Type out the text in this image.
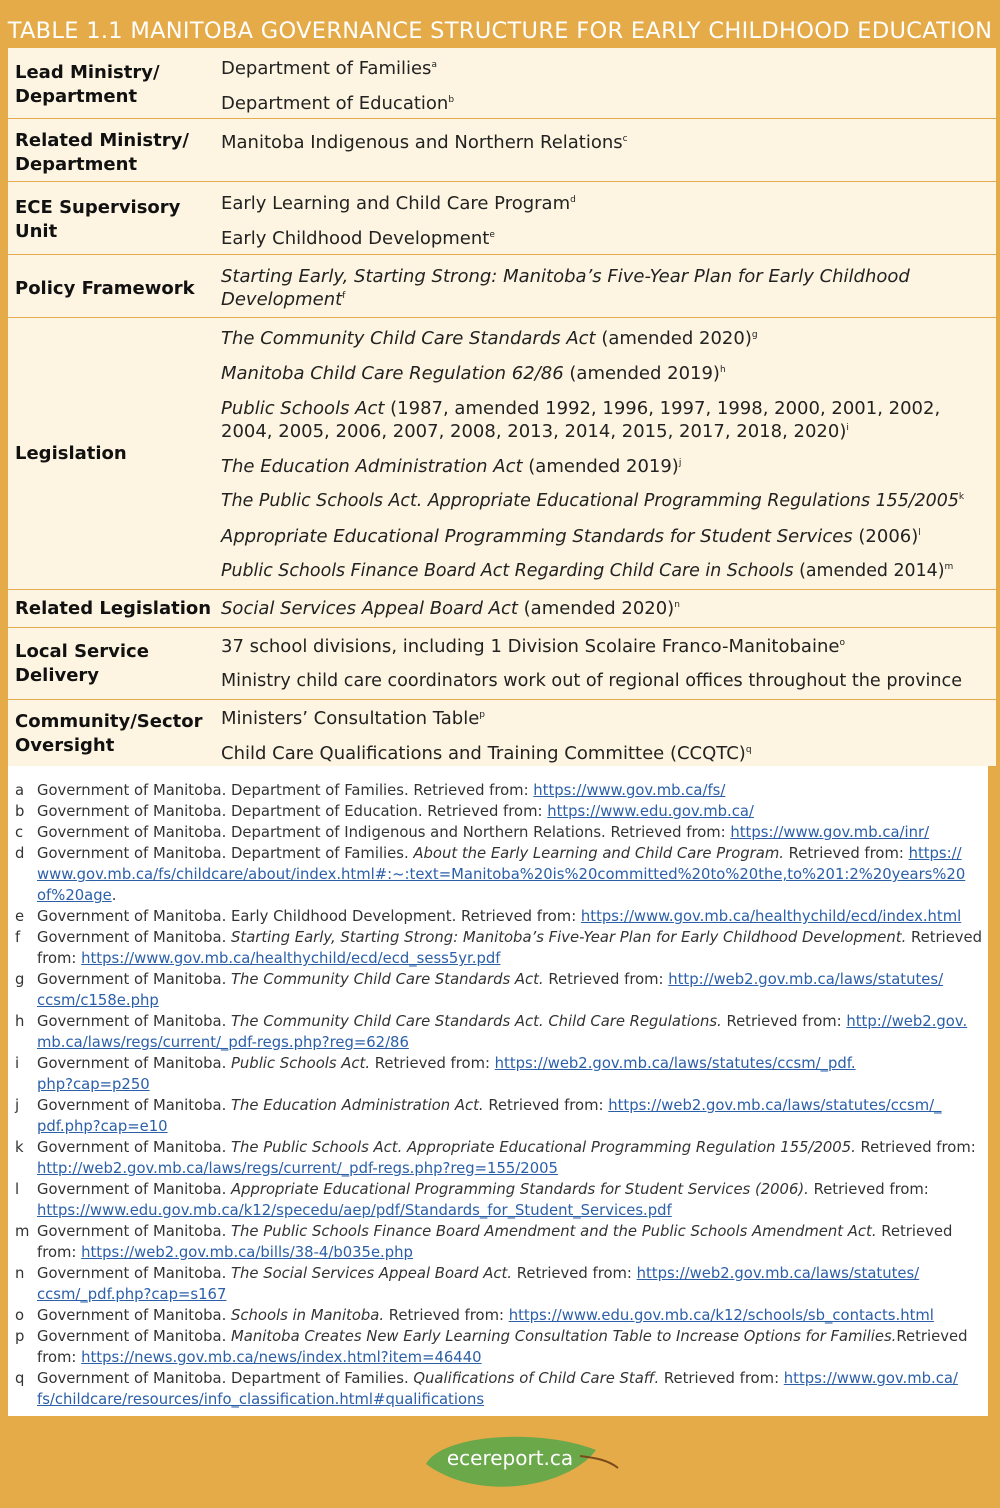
TABLE 1.1 MANITOBA GOVERNANCE STRUCTURE FOR EARLY CHILDHOOD EDUCATION
Lead Ministry/
Department
Department of Families$^a$
Department of Education$^b$
Related Ministry/
Department
Manitoba Indigenous and Northern Relations$^c$
ECE Supervisory
Unit
Early Learning and Child Care Program$^d$
Early Childhood Development$^e$
Policy Framework
Starting Early, Starting Strong: Manitoba’s Five-Year Plan for Early Childhood Development$^f$
Legislation
The Community Child Care Standards Act (amended 2020)$^g$
Manitoba Child Care Regulation 62/86 (amended 2019)$^h$
Public Schools Act (1987, amended 1992, 1996, 1997, 1998, 2000, 2001, 2002, 2004, 2005, 2006, 2007, 2008, 2013, 2014, 2015, 2017, 2018, 2020)$^i$
The Education Administration Act (amended 2019)$^j$
The Public Schools Act. Appropriate Educational Programming Regulations 155/2005$^k$
Appropriate Educational Programming Standards for Student Services $(2006)^l$
Public Schools Finance Board Act Regarding Child Care in Schools (amended 2014)$^m$
Related Legislation Social Services Appeal Board Act (amended 2020)$^n$
Local Service
Delivery
37 school divisions, including 1 Division Scolaire Franco-Manitobaine$^o$
Ministry child care coordinators work out of regional offices throughout the province
Community/Sector
Oversight
Ministers’ Consultation Table$^p$
Child Care Qualifications and Training Committee (CCQTC)$^q$
a Government of Manitoba. Department of Families. Retrieved from: https://www.gov.mb.ca/fs/
b Government of Manitoba. Department of Education. Retrieved from: https://www.edu.gov.mb.ca/
c Government of Manitoba. Department of Indigenous and Northern Relations. Retrieved from: https://www.gov.mb.ca/inr/
d Government of Manitoba. Department of Families. About the Early Learning and Child Care Program. Retrieved from: https://
www.gov.mb.ca/fs/childcare/about/index.html#:~:text=Manitoba%20is%20committed%20to%20the,to%201:2%20years%20
of%20age.
e Government of Manitoba. Early Childhood Development. Retrieved from: https://www.gov.mb.ca/healthychild/ecd/index.html
f Government of Manitoba. Starting Early, Starting Strong: Manitoba’s Five-Year Plan for Early Childhood Development. Retrieved
from: https://www.gov.mb.ca/healthychild/ecd/ecd_sess5yr.pdf
g Government of Manitoba. The Community Child Care Standards Act. Retrieved from: http://web2.gov.mb.ca/laws/statutes/
ccsm/c158e.php
h Government of Manitoba. The Community Child Care Standards Act. Child Care Regulations. Retrieved from: http://web2.gov.
mb.ca/laws/regs/current/_pdf-regs.php?reg=62/86
i Government of Manitoba. Public Schools Act. Retrieved from: https://web2.gov.mb.ca/laws/statutes/ccsm/_pdf.
php?cap=p250
j Government of Manitoba. The Education Administration Act. Retrieved from: https://web2.gov.mb.ca/laws/statutes/ccsm/_
pdf.php?cap=e10
k Government of Manitoba. The Public Schools Act. Appropriate Educational Programming Regulation 155/2005. Retrieved from:
http://web2.gov.mb.ca/laws/regs/current/_pdf-regs.php?reg=155/2005
l Government of Manitoba. Appropriate Educational Programming Standards for Student Services (2006). Retrieved from:
https://www.edu.gov.mb.ca/k12/specedu/aep/pdf/Standards_for_Student_Services.pdf
m Government of Manitoba. The Public Schools Finance Board Amendment and the Public Schools Amendment Act. Retrieved
from: https://web2.gov.mb.ca/bills/38-4/b035e.php
n Government of Manitoba. The Social Services Appeal Board Act. Retrieved from: https://web2.gov.mb.ca/laws/statutes/
ccsm/_pdf.php?cap=s167
o Government of Manitoba. Schools in Manitoba. Retrieved from: https://www.edu.gov.mb.ca/k12/schools/sb_contacts.html
p Government of Manitoba. Manitoba Creates New Early Learning Consultation Table to Increase Options for Families.Retrieved
from: https://news.gov.mb.ca/news/index.html?item=46440
q Government of Manitoba. Department of Families. Qualifications of Child Care Staff. Retrieved from: https://www.gov.mb.ca/
fs/childcare/resources/info_classification.html#qualifications
ecereport.ca
